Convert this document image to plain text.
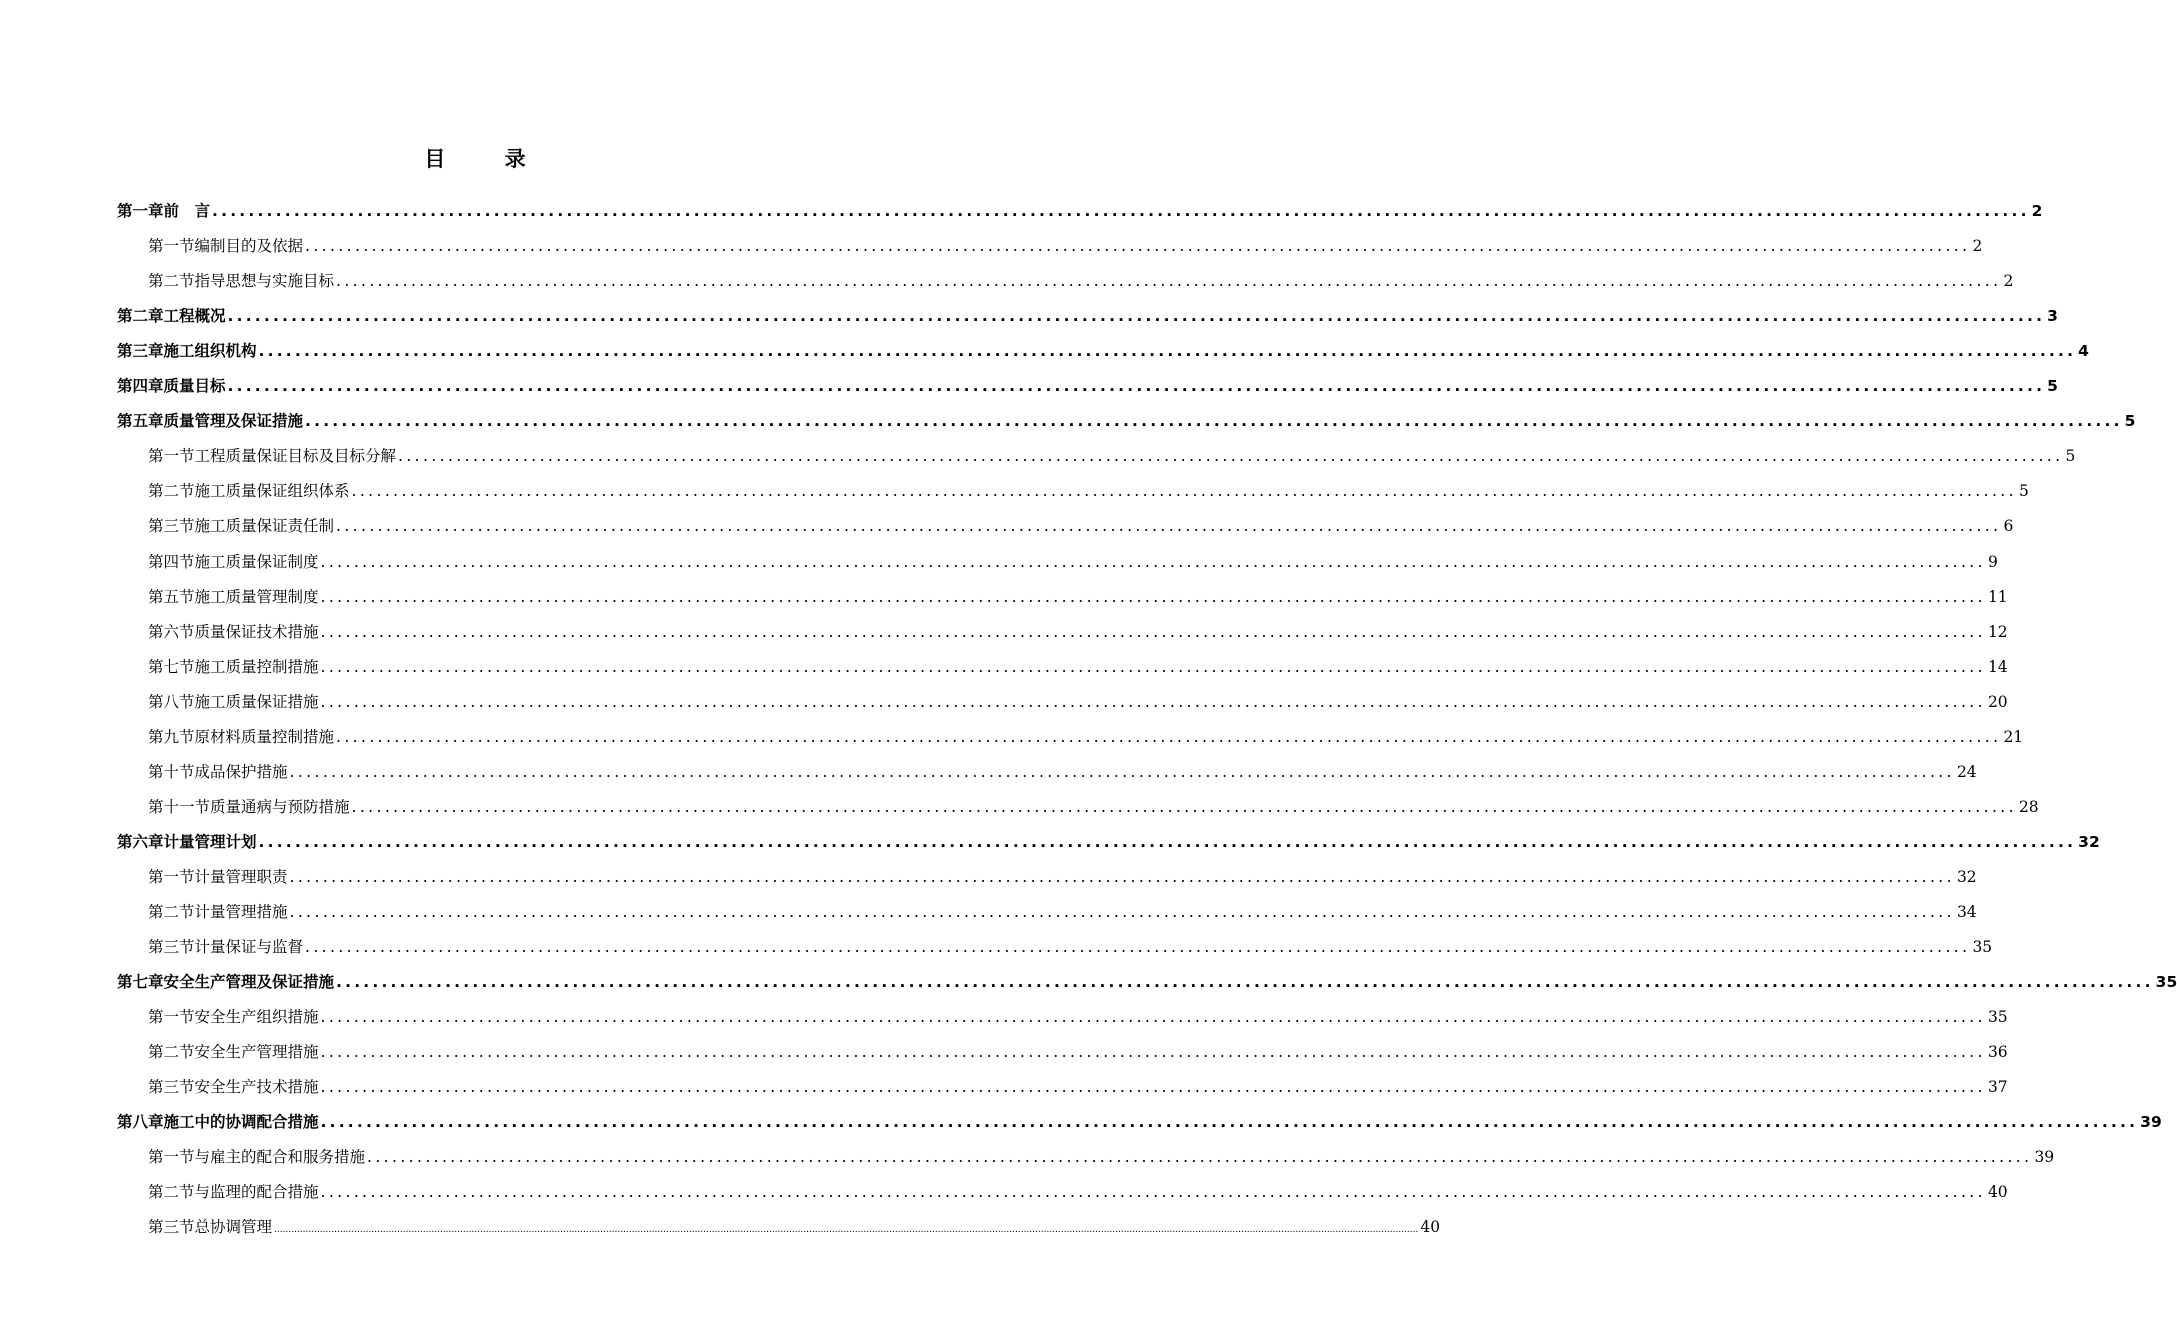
目 录
第一章 前　言 ........................................................................................................................................................................................................ 2
第一节 编制目的及依据 ........................................................................................................................................................................................................ 2
第二节 指导思想与实施目标 ........................................................................................................................................................................................................ 2
第二章 工程概况 ........................................................................................................................................................................................................ 3
第三章 施工组织机构 ........................................................................................................................................................................................................ 4
第四章 质量目标 ........................................................................................................................................................................................................ 5
第五章 质量管理及保证措施 ........................................................................................................................................................................................................ 5
第一节 工程质量保证目标及目标分解 ........................................................................................................................................................................................................ 5
第二节 施工质量保证组织体系 ........................................................................................................................................................................................................ 5
第三节 施工质量保证责任制 ........................................................................................................................................................................................................ 6
第四节 施工质量保证制度 ........................................................................................................................................................................................................ 9
第五节 施工质量管理制度 ........................................................................................................................................................................................................ 11
第六节 质量保证技术措施 ........................................................................................................................................................................................................ 12
第七节 施工质量控制措施 ........................................................................................................................................................................................................ 14
第八节 施工质量保证措施 ........................................................................................................................................................................................................ 20
第九节 原材料质量控制措施 ........................................................................................................................................................................................................ 21
第十节 成品保护措施 ........................................................................................................................................................................................................ 24
第十一节 质量通病与预防措施 ........................................................................................................................................................................................................ 28
第六章 计量管理计划 ........................................................................................................................................................................................................ 32
第一节 计量管理职责 ........................................................................................................................................................................................................ 32
第二节 计量管理措施 ........................................................................................................................................................................................................ 34
第三节 计量保证与监督 ........................................................................................................................................................................................................ 35
第七章 安全生产管理及保证措施 ........................................................................................................................................................................................................ 35
第一节 安全生产组织措施 ........................................................................................................................................................................................................ 35
第二节 安全生产管理措施 ........................................................................................................................................................................................................ 36
第三节 安全生产技术措施 ........................................................................................................................................................................................................ 37
第八章 施工中的协调配合措施 ........................................................................................................................................................................................................ 39
第一节 与雇主的配合和服务措施 ........................................................................................................................................................................................................ 39
第二节 与监理的配合措施 ........................................................................................................................................................................................................ 40
第三节 总协调管理 ................................................................................................................................................................................................................................................................................................................................................................................................................ 40
